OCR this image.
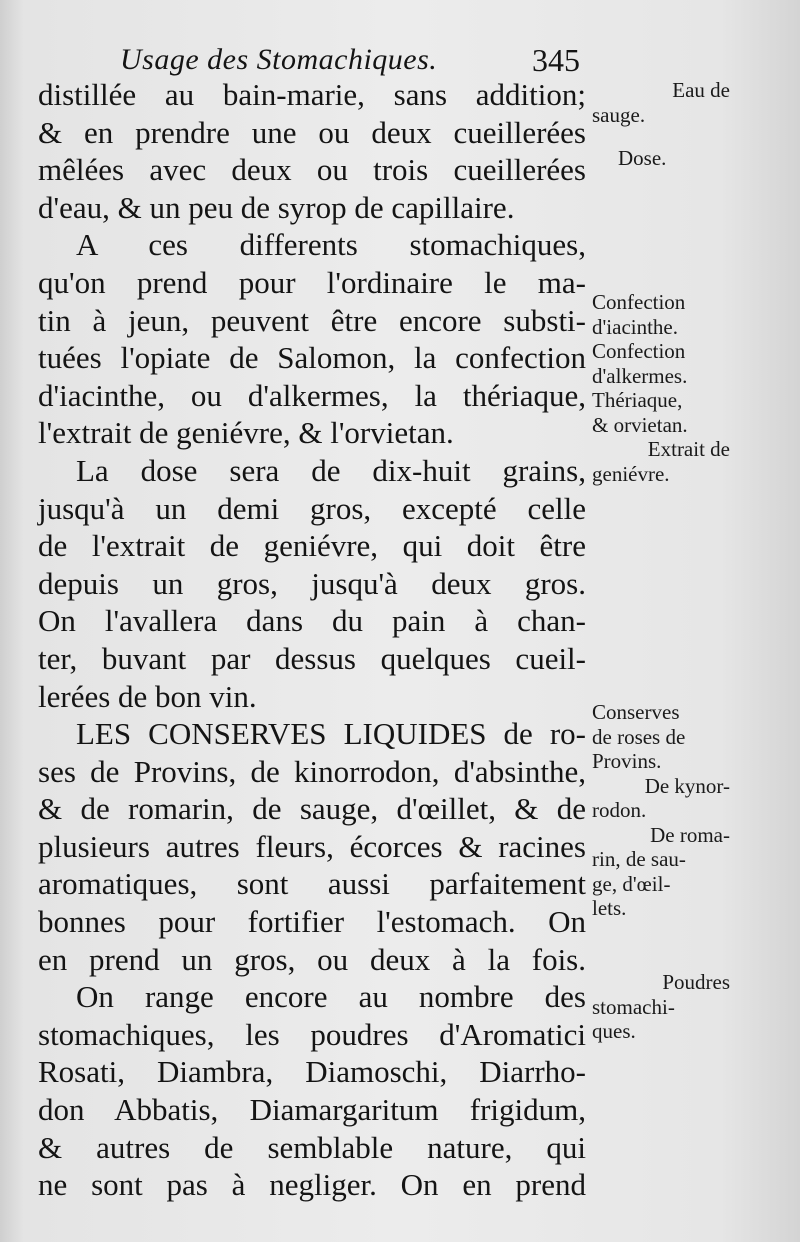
Usage des Stomachiques.	345
distillée au bain-marie, sans addition;
& en prendre une ou deux cueillerées
mêlées avec deux ou trois cueillerées
d'eau, & un peu de syrop de capillaire.
A ces differents stomachiques,
qu'on prend pour l'ordinaire le ma-
tin à jeun, peuvent être encore substi-
tuées l'opiate de Salomon, la confection
d'iacinthe, ou d'alkermes, la thériaque,
l'extrait de geniévre, & l'orvietan.
La dose sera de dix-huit grains,
jusqu'à un demi gros, excepté celle
de l'extrait de geniévre, qui doit être
depuis un gros, jusqu'à deux gros.
On l'avallera dans du pain à chan-
ter, buvant par dessus quelques cueil-
lerées de bon vin.
LES CONSERVES LIQUIDES de ro-
ses de Provins, de kinorrodon, d'absinthe,
& de romarin, de sauge, d'œillet, & de
plusieurs autres fleurs, écorces & racines
aromatiques, sont aussi parfaitement
bonnes pour fortifier l'estomach. On
en prend un gros, ou deux à la fois.
On range encore au nombre des
stomachiques, les poudres d'Aromatici
Rosati, Diambra, Diamoschi, Diarrho-
don Abbatis, Diamargaritum frigidum,
& autres de semblable nature, qui
ne sont pas à negliger. On en prend
Eau de
sauge.
Dose.
Confection
d'iacinthe.
Confection
d'alkermes.
Thériaque,
& orvietan.
Extrait de
geniévre.
Conserves
de roses de
Provins.
De kynor-
rodon.
De roma-
rin, de sau-
ge, d'œil-
lets.
Poudres
stomachi-
ques.
